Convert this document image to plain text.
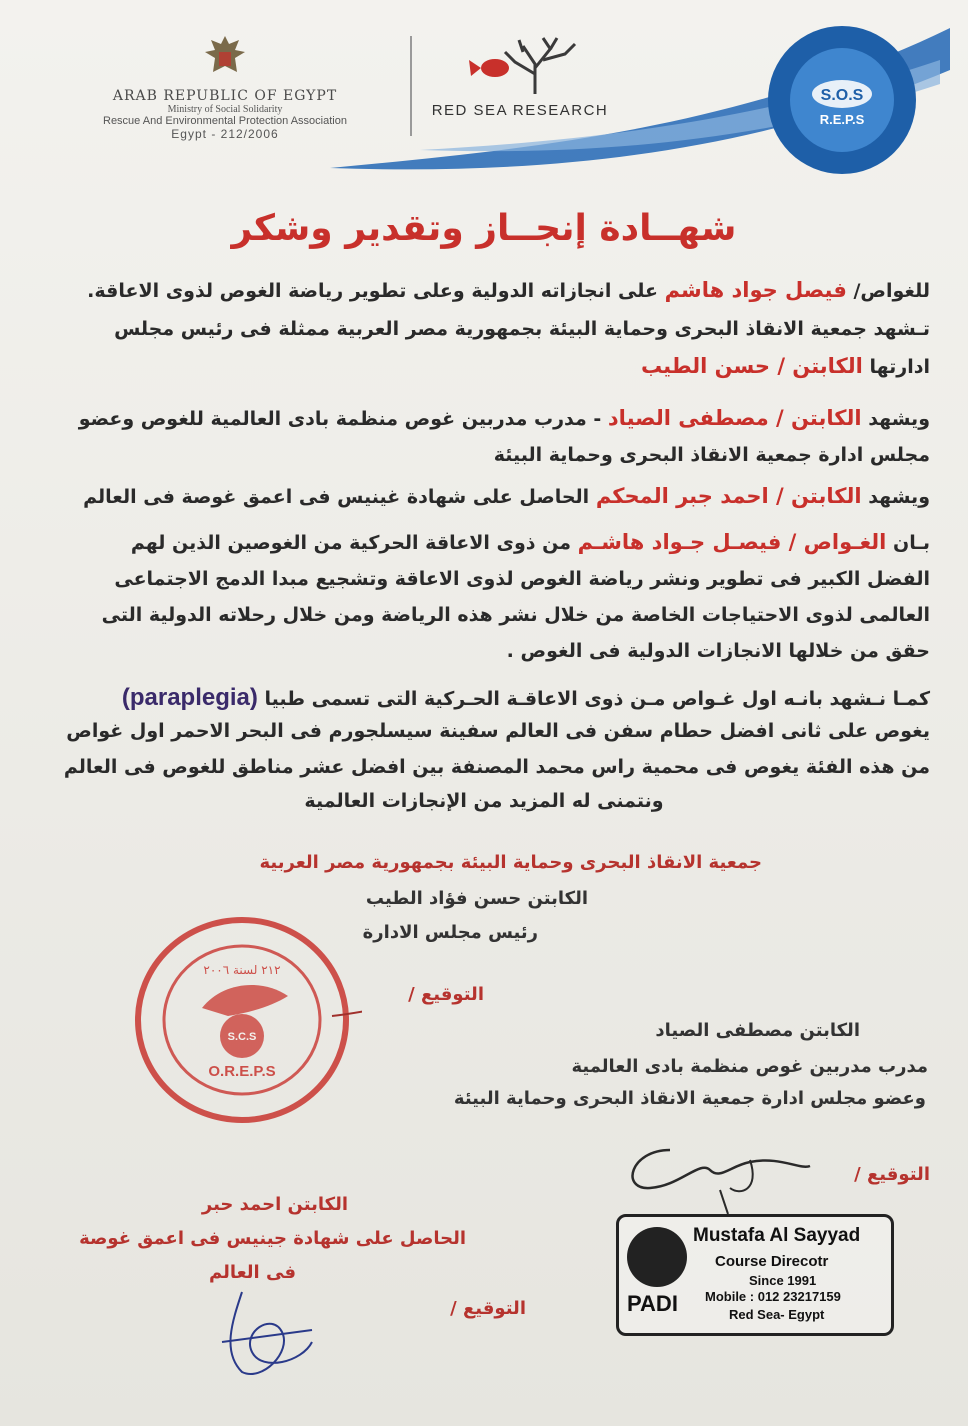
ARAB REPUBLIC OF EGYPT
Ministry of Social Solidarity
Rescue And Environmental Protection Association
Egypt - 212/2006
RED SEA RESEARCH
S.O.S
R.E.P.S
شهــادة إنجــاز وتقدير وشكر
للغواص/ فيصل جواد هاشم على انجازاته الدولية وعلى تطوير رياضة الغوص لذوى الاعاقة.
تـشهد جمعية الانقاذ البحرى وحماية البيئة بجمهورية مصر العربية ممثلة فى رئيس مجلس
ادارتها الكابتن / حسن الطيب
ويشهد الكابتن / مصطفى الصياد - مدرب مدربين غوص منظمة بادى العالمية للغوص وعضو
مجلس ادارة جمعية الانقاذ البحرى وحماية البيئة
ويشهد الكابتن / احمد جبر المحكم الحاصل على شهادة غينيس فى اعمق غوصة فى العالم
بـان الغـواص / فيصـل جـواد هاشـم من ذوى الاعاقة الحركية من الغوصين الذين لهم
الفضل الكبير فى تطوير ونشر رياضة الغوص لذوى الاعاقة وتشجيع مبدا الدمج الاجتماعى
العالمى لذوى الاحتياجات الخاصة من خلال نشر هذه الرياضة ومن خلال رحلاته الدولية التى
حقق من خلالها الانجازات الدولية فى الغوص .
كمـا نـشهد بانـه اول غـواص مـن ذوى الاعاقـة الحـركية التى تسمى طبيا (paraplegia)
يغوص على ثانى افضل حطام سفن فى العالم سفينة سيسلجورم فى البحر الاحمر اول غواص
من هذه الفئة يغوص فى محمية راس محمد المصنفة بين افضل عشر مناطق للغوص فى العالم
ونتمنى له المزيد من الإنجازات العالمية
جمعية الانقاذ البحرى وحماية البيئة بجمهورية مصر العربية
الكابتن حسن فؤاد الطيب
رئيس مجلس الادارة
التوقيع /
S.C.S
O.R.E.P.S
٢١٢ لسنة ٢٠٠٦
الكابتن مصطفى الصياد
مدرب مدربين غوص منظمة بادى العالمية
وعضو مجلس ادارة جمعية الانقاذ البحرى وحماية البيئة
التوقيع /
PADI
Mustafa Al Sayyad
Course Direcotr
Since 1991
Mobile : 012 23217159
Red Sea- Egypt
الكابتن احمد حبر
الحاصل على شهادة جينيس فى اعمق غوصة
فى العالم
التوقيع /
